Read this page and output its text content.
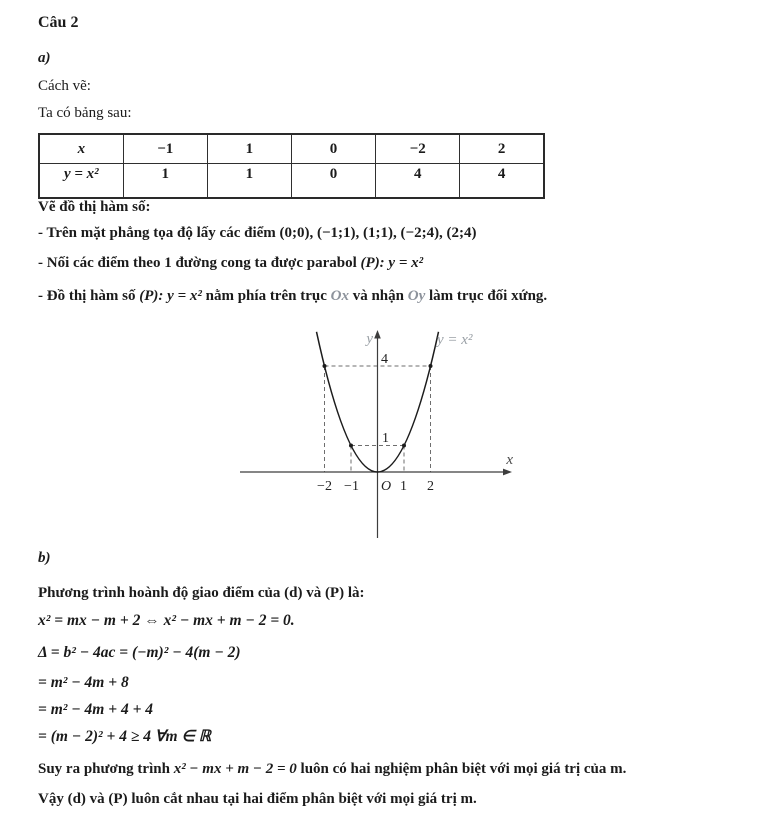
Câu 2

a)

Cách vẽ:

Ta có bảng sau:

x	−1	1	0	−2	2
y = x²	1	1	0	4	4

Vẽ đồ thị hàm số:

- Trên mặt phẳng tọa độ lấy các điểm (0;0), (−1;1), (1;1), (−2;4), (2;4)

- Nối các điểm theo 1 đường cong ta được parabol (P): y = x²

- Đồ thị hàm số (P): y = x² nằm phía trên trục Ox và nhận Oy làm trục đối xứng.

y	y = x²
x
4
1
−2 −1 O 1 2

b)

Phương trình hoành độ giao điểm của (d) và (P) là:

x² = mx − m + 2 ⇔ x² − mx + m − 2 = 0.

Δ = b² − 4ac = (−m)² − 4(m − 2)

= m² − 4m + 8

= m² − 4m + 4 + 4

= (m − 2)² + 4 ≥ 4 ∀m ∈ ℝ

Suy ra phương trình x² − mx + m − 2 = 0 luôn có hai nghiệm phân biệt với mọi giá trị của m.

Vậy (d) và (P) luôn cắt nhau tại hai điểm phân biệt với mọi giá trị m.
